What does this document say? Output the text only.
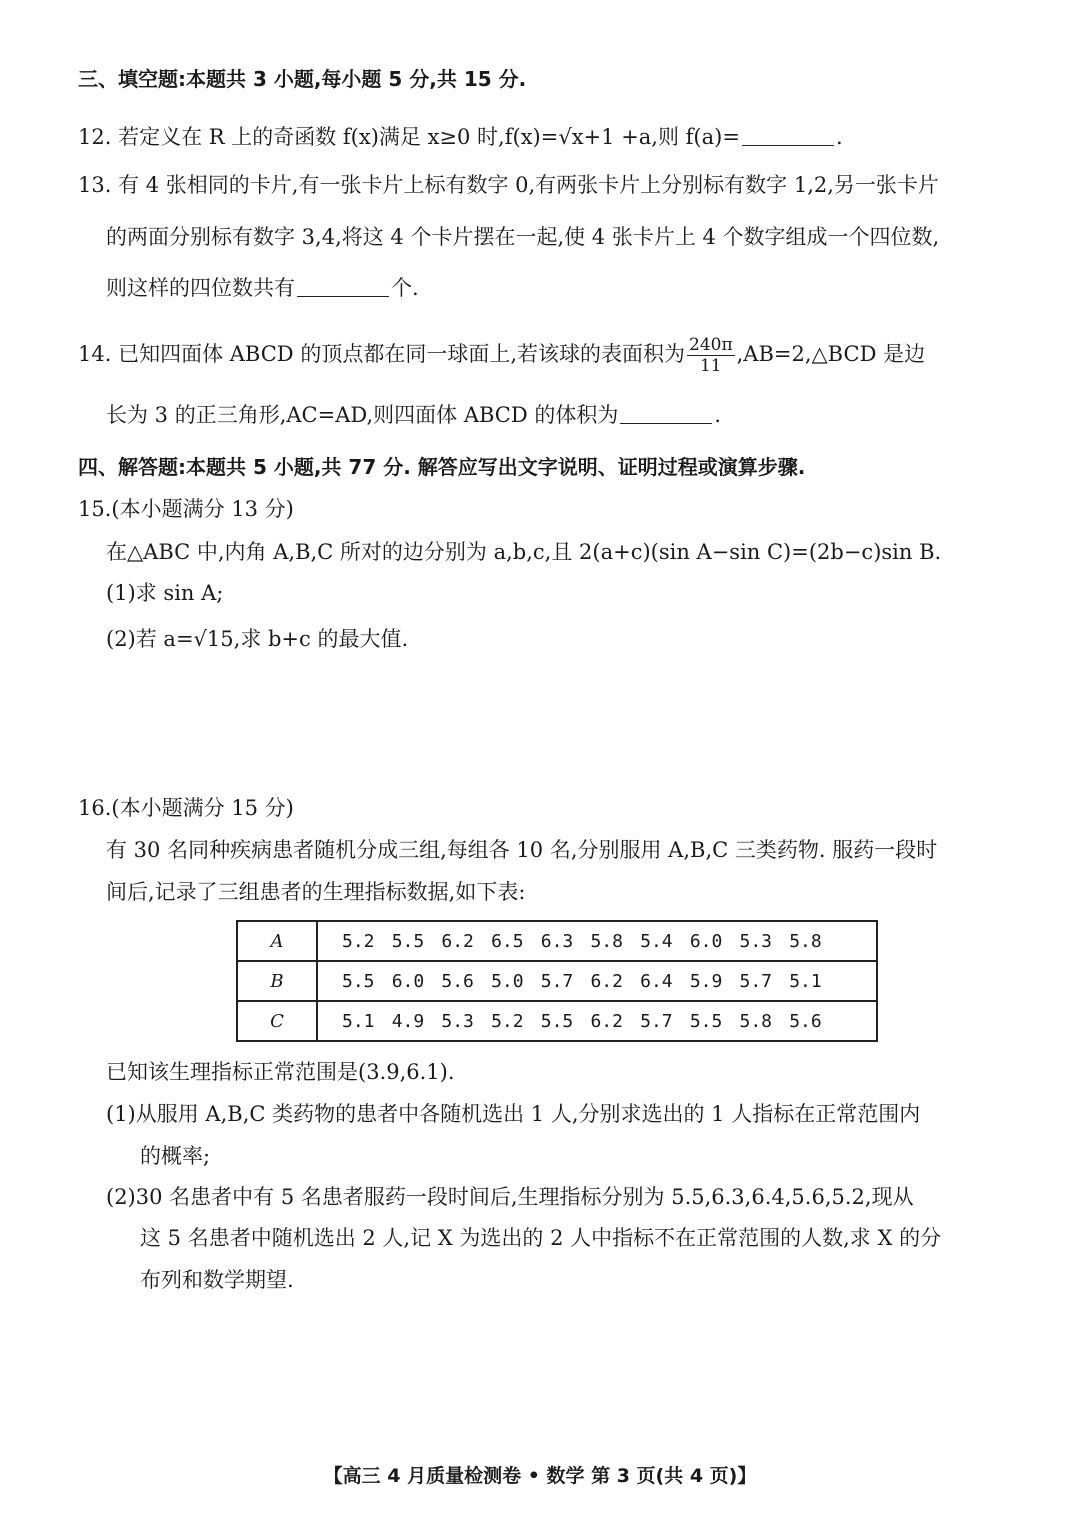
三、填空题:本题共 3 小题,每小题 5 分,共 15 分.
12. 若定义在 R 上的奇函数 f(x)满足 x≥0 时,f(x)=√x+1 +a,则 f(a)=	.
13. 有 4 张相同的卡片,有一张卡片上标有数字 0,有两张卡片上分别标有数字 1,2,另一张卡片
的两面分别标有数字 3,4,将这 4 个卡片摆在一起,使 4 张卡片上 4 个数字组成一个四位数,
则这样的四位数共有	个.
14. 已知四面体 ABCD 的顶点都在同一球面上,若该球的表面积为 $\frac{240\pi}{11}$ ,AB=2,△BCD 是边
长为 3 的正三角形,AC=AD,则四面体 ABCD 的体积为	.
四、解答题:本题共 5 小题,共 77 分. 解答应写出文字说明、证明过程或演算步骤.
15.(本小题满分 13 分)
在△ABC 中,内角 A,B,C 所对的边分别为 a,b,c,且 2(a+c)(sin A−sin C)=(2b−c)sin B.
(1)求 sin A;
(2)若 a=√15,求 b+c 的最大值.
16.(本小题满分 15 分)
有 30 名同种疾病患者随机分成三组,每组各 10 名,分别服用 A,B,C 三类药物. 服药一段时
间后,记录了三组患者的生理指标数据,如下表:
A	5.2 5.5 6.2 6.5 6.3 5.8 5.4 6.0 5.3 5.8
B	5.5 6.0 5.6 5.0 5.7 6.2 6.4 5.9 5.7 5.1
C	5.1 4.9 5.3 5.2 5.5 6.2 5.7 5.5 5.8 5.6
已知该生理指标正常范围是(3.9,6.1).
(1)从服用 A,B,C 类药物的患者中各随机选出 1 人,分别求选出的 1 人指标在正常范围内
的概率;
(2)30 名患者中有 5 名患者服药一段时间后,生理指标分别为 5.5,6.3,6.4,5.6,5.2,现从
这 5 名患者中随机选出 2 人,记 X 为选出的 2 人中指标不在正常范围的人数,求 X 的分
布列和数学期望.
【高三 4 月质量检测卷 • 数学 第 3 页(共 4 页)】
